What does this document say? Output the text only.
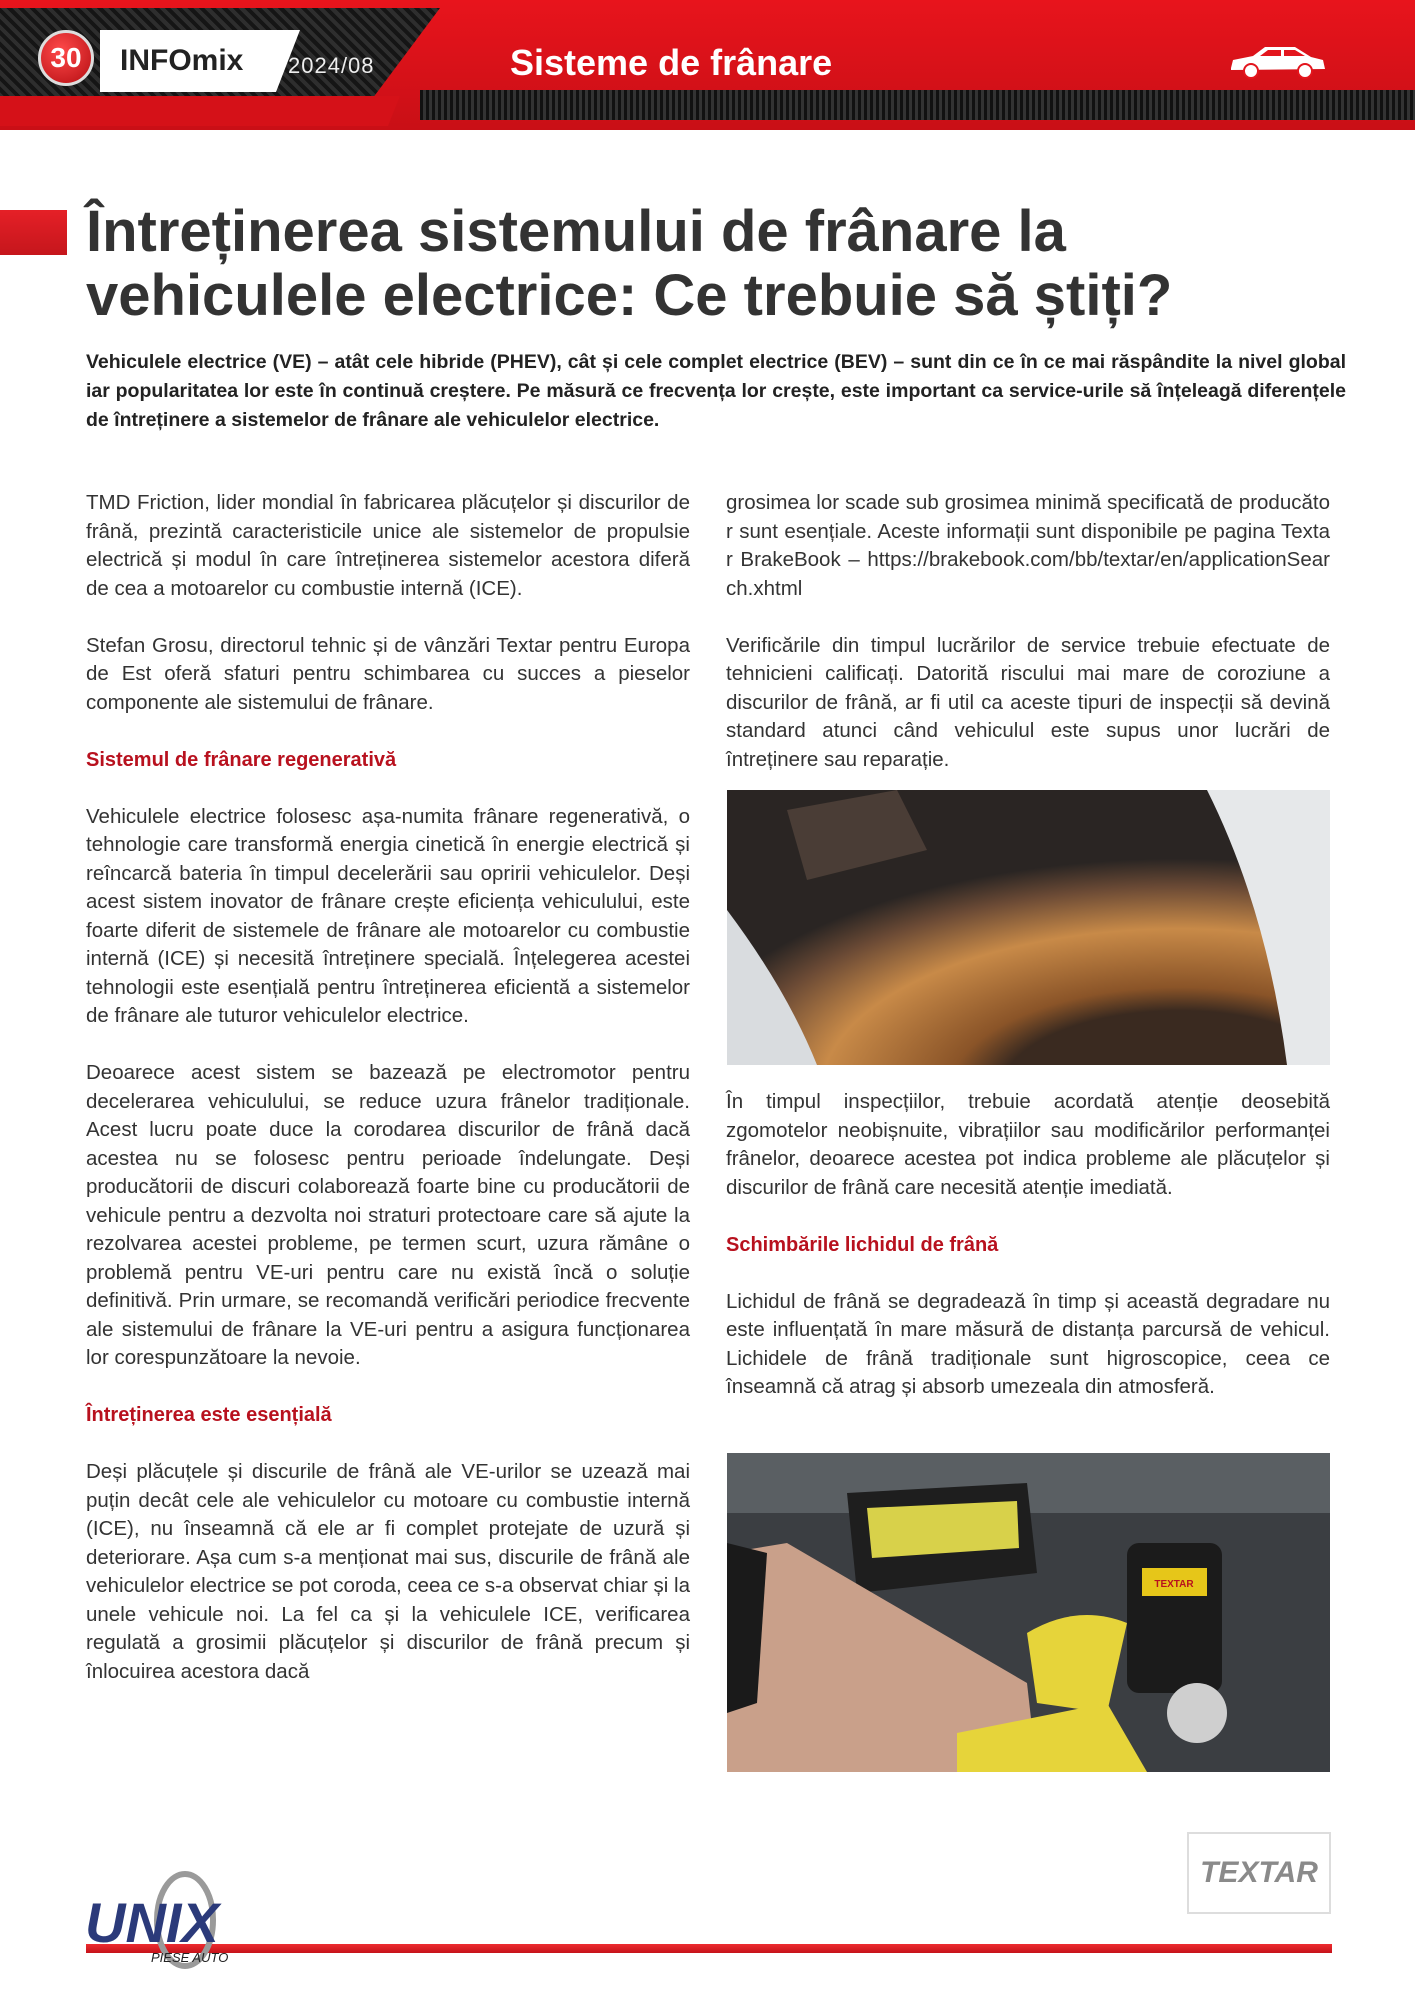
30	INFOmix 2024/08	Sisteme de frânare
Întreținerea sistemului de frânare la
vehiculele electrice: Ce trebuie să știți?
Vehiculele electrice (VE) – atât cele hibride (PHEV), cât și cele complet electrice (BEV) – sunt din ce în ce mai răspândite la nivel global iar popularitatea lor este în continuă creștere. Pe măsură ce frecvența lor crește, este important ca service-urile să înțeleagă diferențele de întreținere a sistemelor de frânare ale vehiculelor electrice.

TMD Friction, lider mondial în fabricarea plăcuțelor și discurilor de frână, prezintă caracteristicile unice ale sistemelor de propulsie electrică și modul în care întreținerea sistemelor acestora diferă de cea a motoarelor cu combustie internă (ICE).

Stefan Grosu, directorul tehnic și de vânzări Textar pentru Europa de Est oferă sfaturi pentru schimbarea cu succes a pieselor componente ale sistemului de frânare.

Sistemul de frânare regenerativă

Vehiculele electrice folosesc așa-numita frânare regenerativă, o tehnologie care transformă energia cinetică în energie electrică și reîncarcă bateria în timpul decelerării sau opririi vehiculelor. Deși acest sistem inovator de frânare crește eficiența vehiculului, este foarte diferit de sistemele de frânare ale motoarelor cu combustie internă (ICE) și necesită întreținere specială. Înțelegerea acestei tehnologii este esențială pentru întreținerea eficientă a sistemelor de frânare ale tuturor vehiculelor electrice.

Deoarece acest sistem se bazează pe electromotor pentru decelerarea vehiculului, se reduce uzura frânelor tradiționale. Acest lucru poate duce la corodarea discurilor de frână dacă acestea nu se folosesc pentru perioade îndelungate. Deși producătorii de discuri colaborează foarte bine cu producătorii de vehicule pentru a dezvolta noi straturi protectoare care să ajute la rezolvarea acestei probleme, pe termen scurt, uzura rămâne o problemă pentru VE-uri pentru care nu există încă o soluție definitivă. Prin urmare, se recomandă verificări periodice frecvente ale sistemului de frânare la VE-uri pentru a asigura funcționarea lor corespunzătoare la nevoie.

Întreținerea este esențială

Deși plăcuțele și discurile de frână ale VE-urilor se uzează mai puțin decât cele ale vehiculelor cu motoare cu combustie internă (ICE), nu înseamnă că ele ar fi complet protejate de uzură și deteriorare. Așa cum s-a menționat mai sus, discurile de frână ale vehiculelor electrice se pot coroda, ceea ce s-a observat chiar și la unele vehicule noi. La fel ca și la vehiculele ICE, verificarea regulată a grosimii plăcuțelor și discurilor de frână precum și înlocuirea acestora dacă

grosimea lor scade sub grosimea minimă specificată de producător sunt esențiale. Aceste informații sunt disponibile pe pagina Textar BrakeBook – https://brakebook.com/bb/textar/en/applicationSearch.xhtml

Verificările din timpul lucrărilor de service trebuie efectuate de tehnicieni calificați. Datorită riscului mai mare de coroziune a discurilor de frână, ar fi util ca aceste tipuri de inspecții să devină standard atunci când vehiculul este supus unor lucrări de întreținere sau reparație.

În timpul inspecțiilor, trebuie acordată atenție deosebită zgomotelor neobișnuite, vibrațiilor sau modificărilor performanței frânelor, deoarece acestea pot indica probleme ale plăcuțelor și discurilor de frână care necesită atenție imediată.

Schimbările lichidul de frână

Lichidul de frână se degradează în timp și această degradare nu este influențată în mare măsură de distanța parcursă de vehicul. Lichidele de frână tradiționale sunt higroscopice, ceea ce înseamnă că atrag și absorb umezeala din atmosferă.

TEXTAR
UNIX
PIESE AUTO
TEXTAR
